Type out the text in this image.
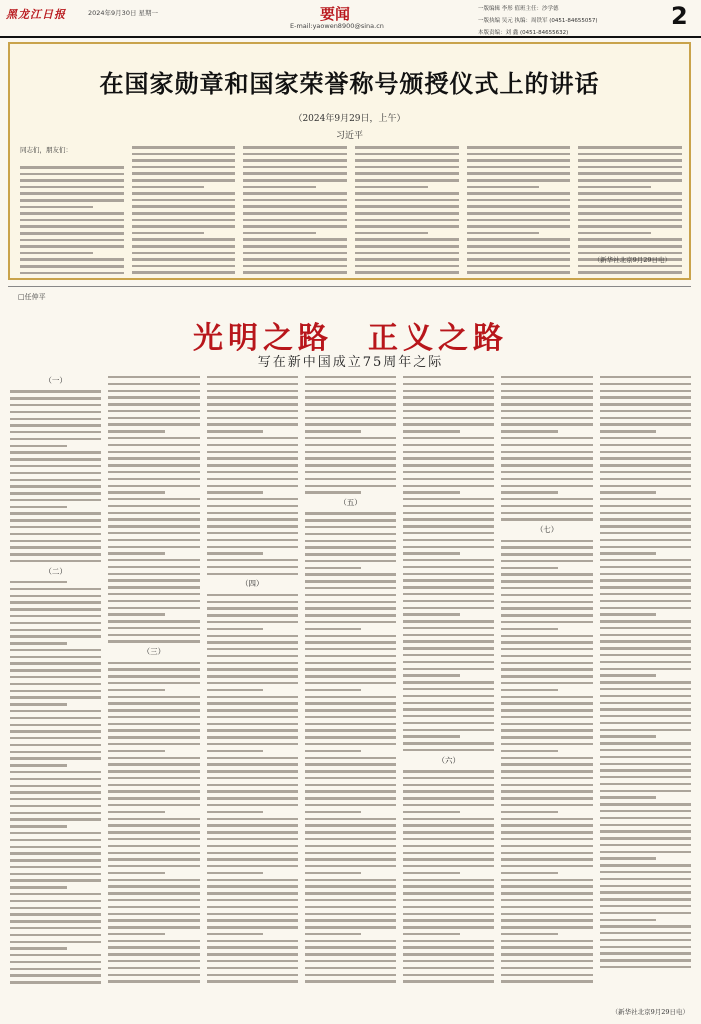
黑龙江日报	2024年9月30日 星期一	要闻
E-mail:yaowen8900@sina.cn
一版编辑 李彤 值班主任：沙学德
一版执编 吴元 执编：周铁军 (0451-84655057)
本版责编：刘 鑫 (0451-84655632)
2
在国家勋章和国家荣誉称号颁授仪式上的讲话
（2024年9月29日，上午）
习近平
同志们，朋友们：
（新华社北京9月29日电）
□任仲平
光明之路　正义之路
写在新中国成立75周年之际
（一）
（二）
（三）
（四）
（五）
（六）
（七）
（新华社北京9月29日电）
